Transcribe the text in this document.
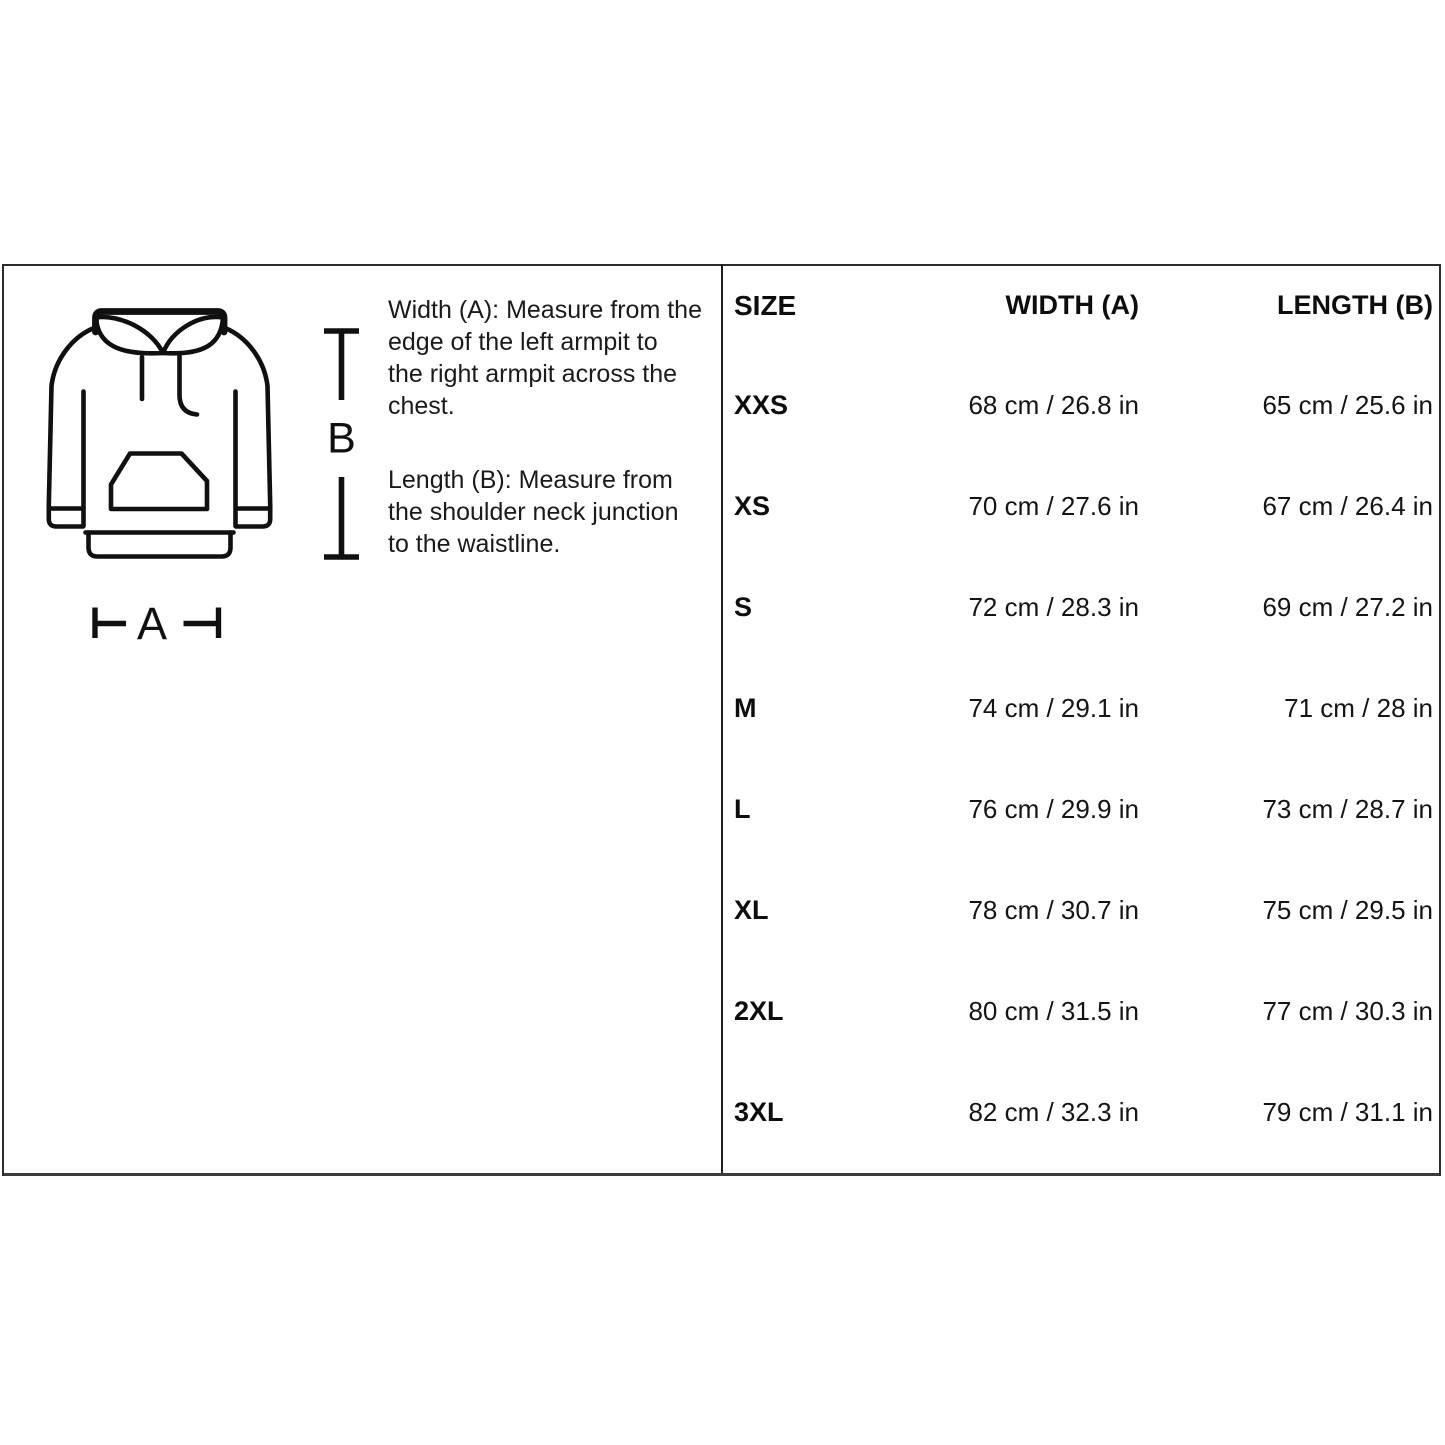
B
A
Width (A): Measure from the
edge of the left armpit to
the right armpit across the
chest.
Length (B): Measure from
the shoulder neck junction
to the waistline.
SIZE	WIDTH (A)	LENGTH (B)
XXS	68 cm / 26.8 in	65 cm / 25.6 in
XS	70 cm / 27.6 in	67 cm / 26.4 in
S	72 cm / 28.3 in	69 cm / 27.2 in
M	74 cm / 29.1 in	71 cm / 28 in
L	76 cm / 29.9 in	73 cm / 28.7 in
XL	78 cm / 30.7 in	75 cm / 29.5 in
2XL	80 cm / 31.5 in	77 cm / 30.3 in
3XL	82 cm / 32.3 in	79 cm / 31.1 in
